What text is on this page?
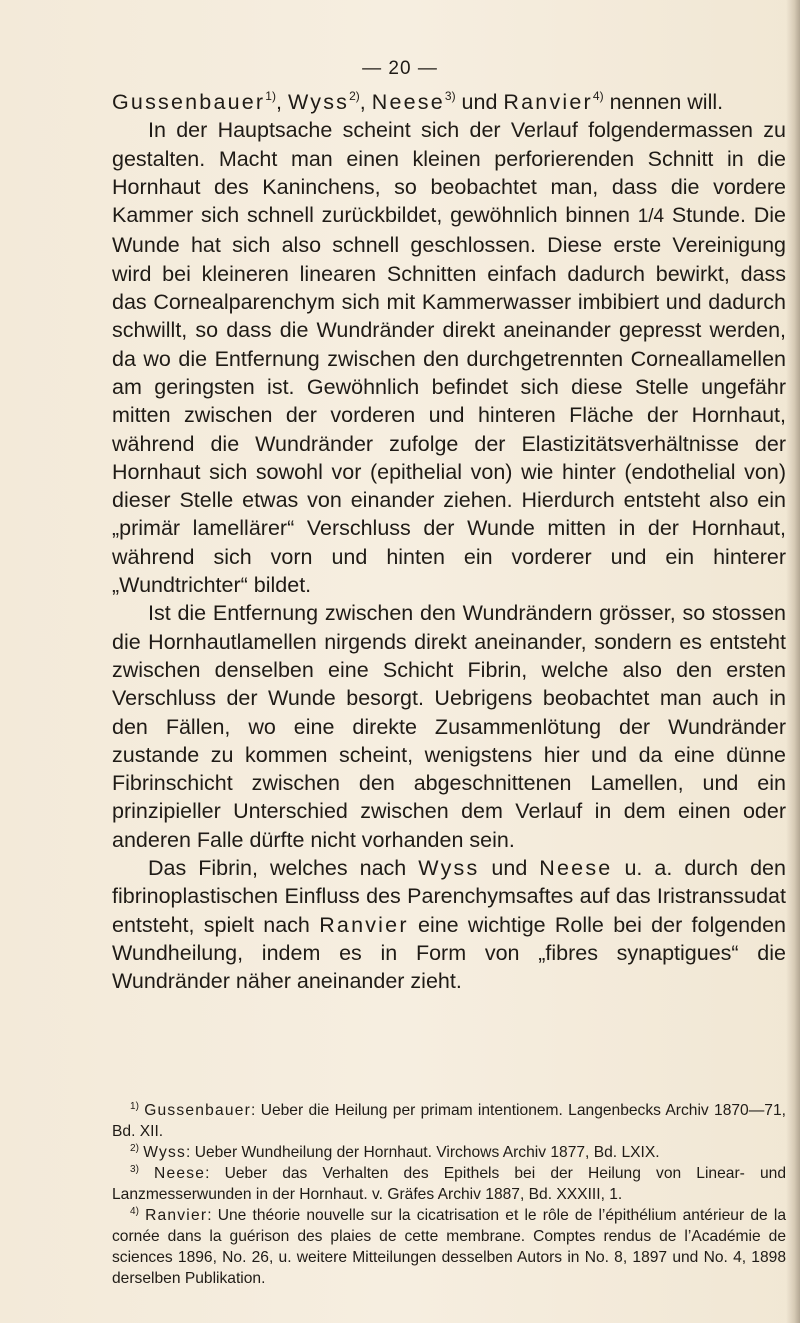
— 20 —

Gussenbauer$^{1)}$, Wyss$^{2)}$, Neese$^{3)}$ und Ranvier$^{4)}$ nennen will.

In der Hauptsache scheint sich der Verlauf folgendermassen zu gestalten. Macht man einen kleinen perforierenden Schnitt in die Hornhaut des Kaninchens, so beobachtet man, dass die vordere Kammer sich schnell zurückbildet, gewöhnlich binnen 1/4 Stunde. Die Wunde hat sich also schnell geschlossen. Diese erste Vereinigung wird bei kleineren linearen Schnitten einfach dadurch bewirkt, dass das Cornealparenchym sich mit Kammerwasser imbibiert und dadurch schwillt, so dass die Wundränder direkt aneinander gepresst werden, da wo die Entfernung zwischen den durchgetrennten Corneallamellen am geringsten ist. Gewöhnlich befindet sich diese Stelle ungefähr mitten zwischen der vorderen und hinteren Fläche der Hornhaut, während die Wundränder zufolge der Elastizitätsverhältnisse der Hornhaut sich sowohl vor (epithelial von) wie hinter (endothelial von) dieser Stelle etwas von einander ziehen. Hierdurch entsteht also ein „primär lamellärer“ Verschluss der Wunde mitten in der Hornhaut, während sich vorn und hinten ein vorderer und ein hinterer „Wundtrichter“ bildet.

Ist die Entfernung zwischen den Wundrändern grösser, so stossen die Hornhautlamellen nirgends direkt aneinander, sondern es entsteht zwischen denselben eine Schicht Fibrin, welche also den ersten Verschluss der Wunde besorgt. Uebrigens beobachtet man auch in den Fällen, wo eine direkte Zusammenlötung der Wundränder zustande zu kommen scheint, wenigstens hier und da eine dünne Fibrinschicht zwischen den abgeschnittenen Lamellen, und ein prinzipieller Unterschied zwischen dem Verlauf in dem einen oder anderen Falle dürfte nicht vorhanden sein.

Das Fibrin, welches nach Wyss und Neese u. a. durch den fibrinoplastischen Einfluss des Parenchymsaftes auf das Iristranssudat entsteht, spielt nach Ranvier eine wichtige Rolle bei der folgenden Wundheilung, indem es in Form von „fibres synaptigues“ die Wundränder näher aneinander zieht.

$^{1)}$ Gussenbauer: Ueber die Heilung per primam intentionem. Langenbecks Archiv 1870—71, Bd. XII.

$^{2)}$ Wyss: Ueber Wundheilung der Hornhaut. Virchows Archiv 1877, Bd. LXIX.

$^{3)}$ Neese: Ueber das Verhalten des Epithels bei der Heilung von Linear- und Lanzmesserwunden in der Hornhaut. v. Gräfes Archiv 1887, Bd. XXXIII, 1.

$^{4)}$ Ranvier: Une théorie nouvelle sur la cicatrisation et le rôle de l’épithélium antérieur de la cornée dans la guérison des plaies de cette membrane. Comptes rendus de l’Académie de sciences 1896, No. 26, u. weitere Mitteilungen desselben Autors in No. 8, 1897 und No. 4, 1898 derselben Publikation.
